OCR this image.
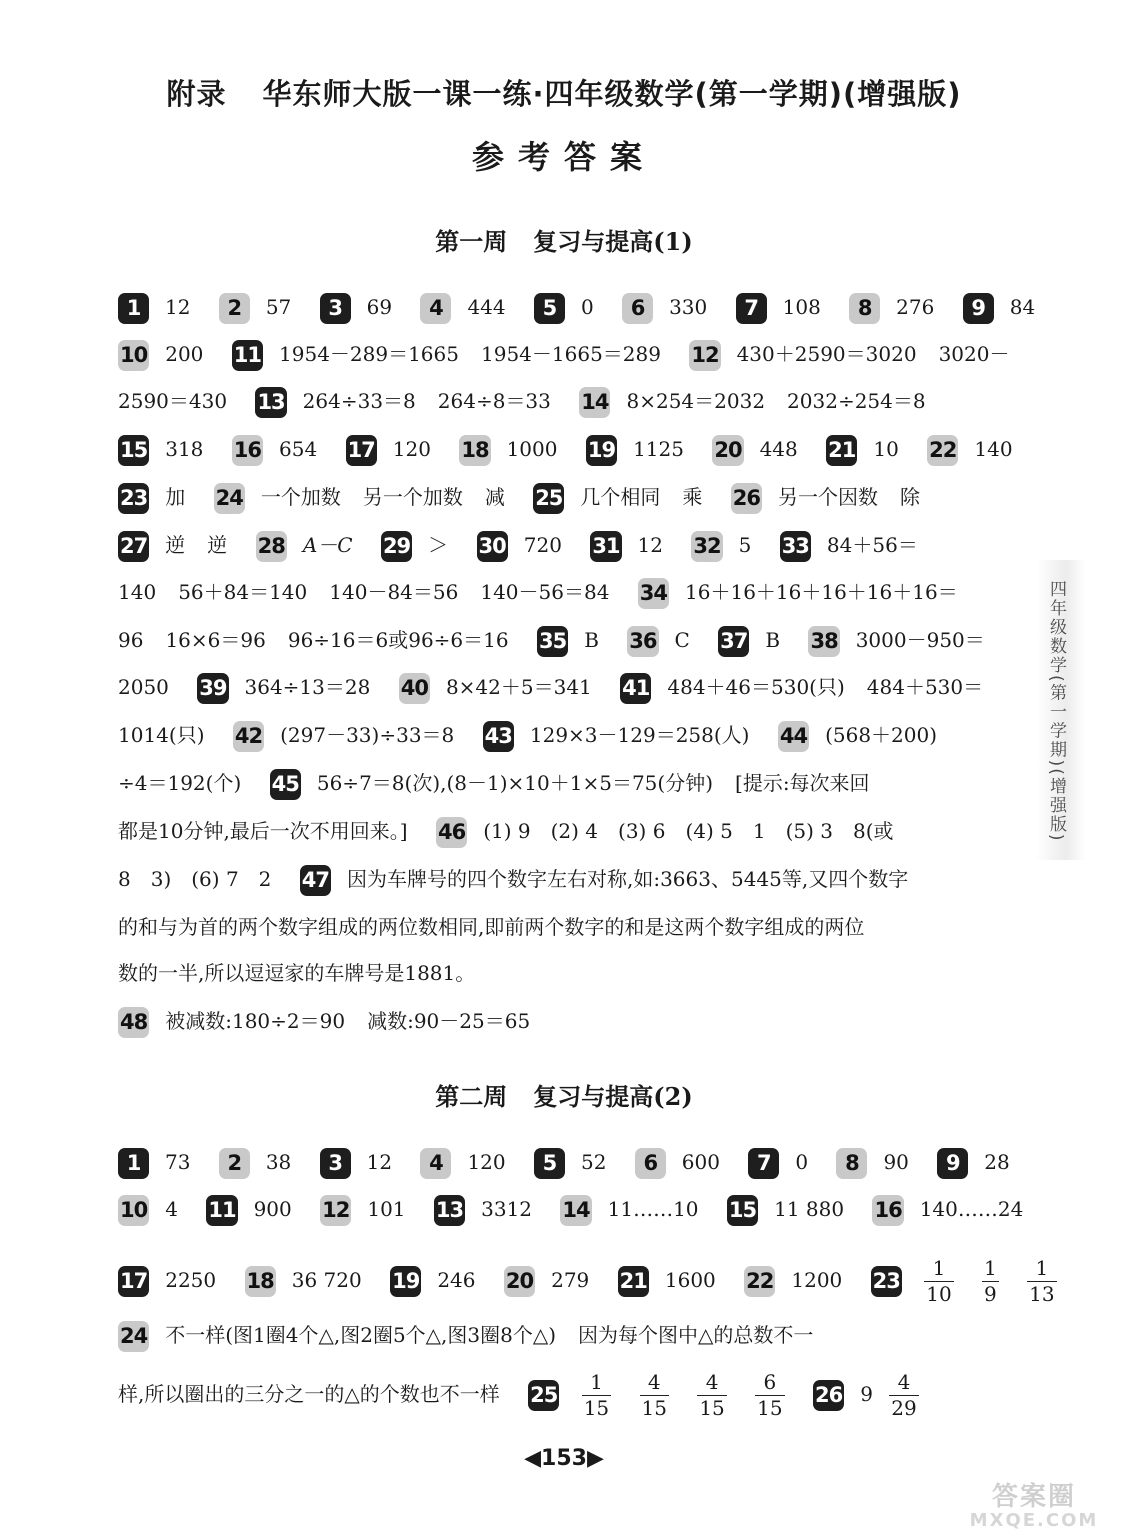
附录 华东师大版一课一练·四年级数学(第一学期)(增强版)
参考答案
第一周 复习与提高(1)
1 12 2 57 3 69 4 444 5 0 6 330 7 108 8 276 9 84
10 200 11 1954－289＝1665 1954－1665＝289 12 430＋2590＝3020 3020－
2590＝430 13 264÷33＝8 264÷8＝33 14 8×254＝2032 2032÷254＝8
15 318 16 654 17 120 18 1000 19 1125 20 448 21 10 22 140
23 加 24 一个加数 另一个加数 减 25 几个相同 乘 26 另一个因数 除
27 逆 逆 28 A－C 29 ＞ 30 720 31 12 32 5 33 84＋56＝
140 56＋84＝140 140－84＝56 140－56＝84 34 16＋16＋16＋16＋16＋16＝
96 16×6＝96 96÷16＝6或96÷6＝16 35 B 36 C 37 B 38 3000－950＝
2050 39 364÷13＝28 40 8×42＋5＝341 41 484＋46＝530(只) 484＋530＝
1014(只) 42 (297－33)÷33＝8 43 129×3－129＝258(人) 44 (568＋200)
÷4＝192(个) 45 56÷7＝8(次),(8－1)×10＋1×5＝75(分钟) [提示:每次来回
都是10分钟,最后一次不用回来。] 46 (1) 9　(2) 4　(3) 6　(4) 5　1　(5) 3　8(或
8　3)　(6) 7　2 47 因为车牌号的四个数字左右对称,如:3663、5445等,又四个数字
的和与为首的两个数字组成的两位数相同,即前两个数字的和是这两个数字组成的两位
数的一半,所以逗逗家的车牌号是1881。
48 被减数:180÷2＝90 减数:90－25＝65
第二周 复习与提高(2)
1 73 2 38 3 12 4 120 5 52 6 600 7 0 8 90 9 28
10 4 11 900 12 101 13 3312 14 11……10 15 11 880 16 140……24
17 2250 18 36 720 19 246 20 279 21 1600 22 1200 $23 \frac{1}{10}$
$\frac{1}{9}$
$\frac{1}{13}$
24 不一样(图1圈4个△,图2圈5个△,图3圈8个△) 因为每个图中△的总数不一
样,所以圈出的三分之一的△的个数也不一样 $25 \frac{1}{15}$
$\frac{4}{15}$
$\frac{4}{15}$
$\frac{6}{15} 26$ $9 \frac{4}{29}$
四年级数学(第一学期)(增强版)
◀153▶
答案圈
MXQE.COM
